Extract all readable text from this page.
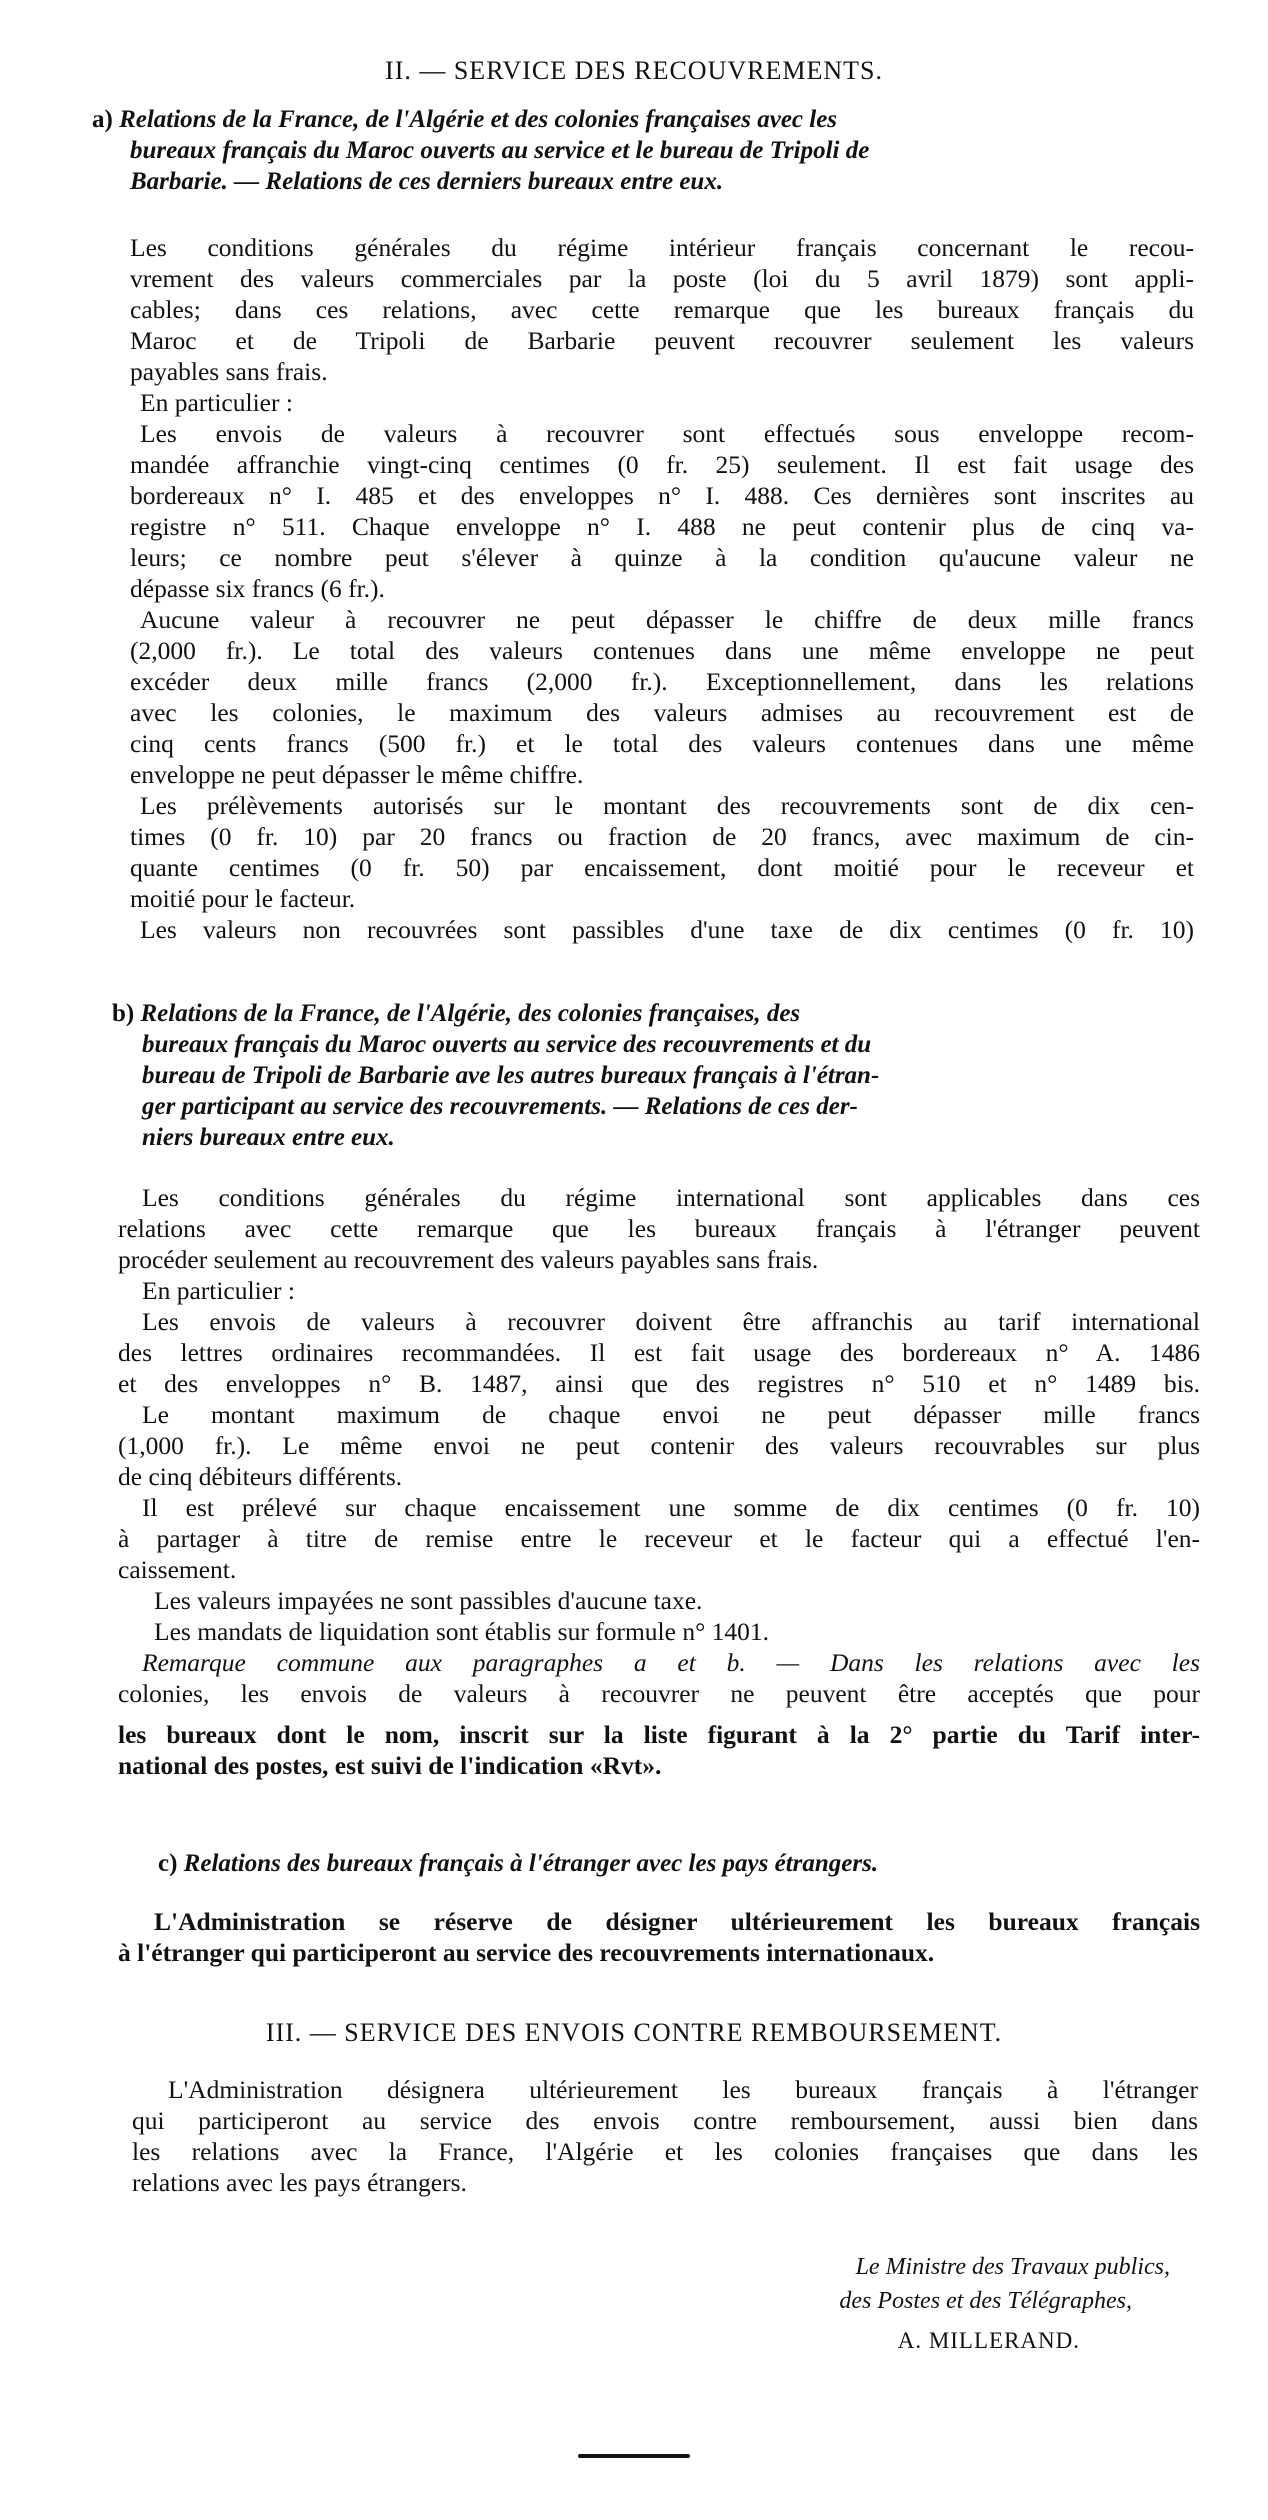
II. — SERVICE DES RECOUVREMENTS.
a) Relations de la France, de l'Algérie et des colonies françaises avec les
bureaux français du Maroc ouverts au service et le bureau de Tripoli de
Barbarie. — Relations de ces derniers bureaux entre eux.
Les conditions générales du régime intérieur français concernant le recou-
vrement des valeurs commerciales par la poste (loi du 5 avril 1879) sont appli-
cables; dans ces relations, avec cette remarque que les bureaux français du
Maroc et de Tripoli de Barbarie peuvent recouvrer seulement les valeurs
payables sans frais.
En particulier :
Les envois de valeurs à recouvrer sont effectués sous enveloppe recom-
mandée affranchie vingt-cinq centimes (0 fr. 25) seulement. Il est fait usage des
bordereaux n° I. 485 et des enveloppes n° I. 488. Ces dernières sont inscrites au
registre n° 511. Chaque enveloppe n° I. 488 ne peut contenir plus de cinq va-
leurs; ce nombre peut s'élever à quinze à la condition qu'aucune valeur ne
dépasse six francs (6 fr.).
Aucune valeur à recouvrer ne peut dépasser le chiffre de deux mille francs
(2,000 fr.). Le total des valeurs contenues dans une même enveloppe ne peut
excéder deux mille francs (2,000 fr.). Exceptionnellement, dans les relations
avec les colonies, le maximum des valeurs admises au recouvrement est de
cinq cents francs (500 fr.) et le total des valeurs contenues dans une même
enveloppe ne peut dépasser le même chiffre.
Les prélèvements autorisés sur le montant des recouvrements sont de dix cen-
times (0 fr. 10) par 20 francs ou fraction de 20 francs, avec maximum de cin-
quante centimes (0 fr. 50) par encaissement, dont moitié pour le receveur et
moitié pour le facteur.
Les valeurs non recouvrées sont passibles d'une taxe de dix centimes (0 fr. 10)
b) Relations de la France, de l'Algérie, des colonies françaises, des
bureaux français du Maroc ouverts au service des recouvrements et du
bureau de Tripoli de Barbarie ave les autres bureaux français à l'étran-
ger participant au service des recouvrements. — Relations de ces der-
niers bureaux entre eux.
Les conditions générales du régime international sont applicables dans ces
relations avec cette remarque que les bureaux français à l'étranger peuvent
procéder seulement au recouvrement des valeurs payables sans frais.
En particulier :
Les envois de valeurs à recouvrer doivent être affranchis au tarif international
des lettres ordinaires recommandées. Il est fait usage des bordereaux n° A. 1486
et des enveloppes n° B. 1487, ainsi que des registres n° 510 et n° 1489 bis.
Le montant maximum de chaque envoi ne peut dépasser mille francs
(1,000 fr.). Le même envoi ne peut contenir des valeurs recouvrables sur plus
de cinq débiteurs différents.
Il est prélevé sur chaque encaissement une somme de dix centimes (0 fr. 10)
à partager à titre de remise entre le receveur et le facteur qui a effectué l'en-
caissement.
Les valeurs impayées ne sont passibles d'aucune taxe.
Les mandats de liquidation sont établis sur formule n° 1401.
Remarque commune aux paragraphes a et b. — Dans les relations avec les
colonies, les envois de valeurs à recouvrer ne peuvent être acceptés que pour
les bureaux dont le nom, inscrit sur la liste figurant à la 2° partie du Tarif inter-
national des postes, est suivi de l'indication «Rvt».
c) Relations des bureaux français à l'étranger avec les pays étrangers.
L'Administration se réserve de désigner ultérieurement les bureaux français
à l'étranger qui participeront au service des recouvrements internationaux.
III. — SERVICE DES ENVOIS CONTRE REMBOURSEMENT.
L'Administration désignera ultérieurement les bureaux français à l'étranger
qui participeront au service des envois contre remboursement, aussi bien dans
les relations avec la France, l'Algérie et les colonies françaises que dans les
relations avec les pays étrangers.
Le Ministre des Travaux publics,
des Postes et des Télégraphes,
A. MILLERAND.
